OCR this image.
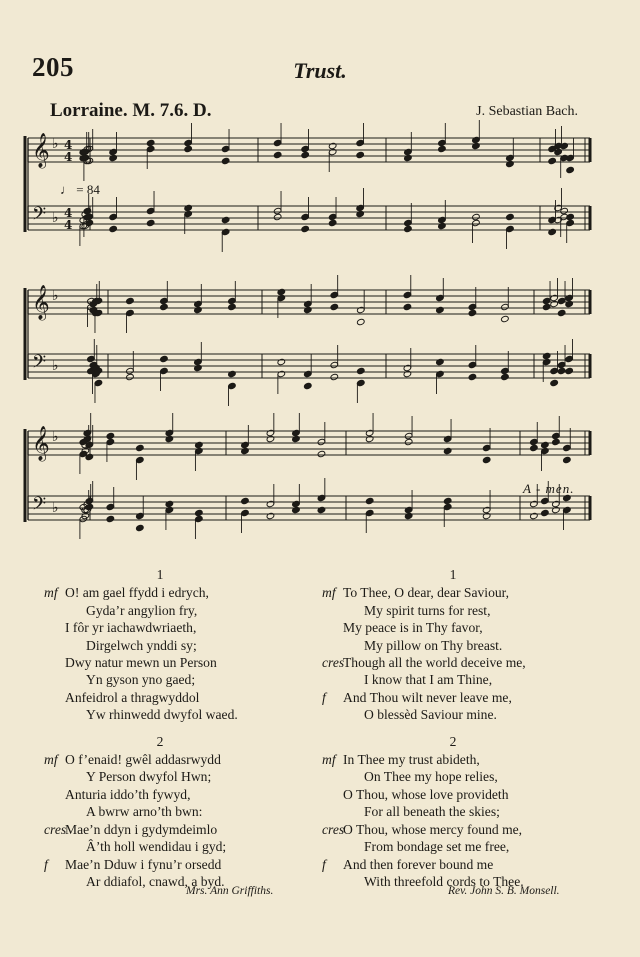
205	Trust.
Lorraine. M. 7.6. D.	J. Sebastian Bach.
𝄞 ♭ 4
4
𝄢 ♭ 4
4
𝄞 ♭
𝄢 ♭
𝄞 ♭
𝄢 ♭
♩ = 84
A - men.
1
mf O! am gael ffydd i edrych,
Gyda’r angylion fry,
I fôr yr iachawdwriaeth,
Dirgelwch ynddi sy;
Dwy natur mewn un Person
Yn gyson yno gaed;
Anfeidrol a thragwyddol
Yw rhinwedd dwyfol waed.
2
mf O f’enaid! gwêl addasrwydd
Y Person dwyfol Hwn;
Anturia iddo’th fywyd,
A bwrw arno’th bwn:
cres
Mae’n ddyn i gydymdeimlo
Â’th holl wendidau i gyd;
f Mae’n Dduw i fynu’r orsedd
Ar ddiafol, cnawd, a byd.
1
mf To Thee, O dear, dear Saviour,
My spirit turns for rest,
My peace is in Thy favor,
My pillow on Thy breast.
cres
Though all the world deceive me,
I know that I am Thine,
f And Thou wilt never leave me,
O blessèd Saviour mine.
2
mf In Thee my trust abideth,
On Thee my hope relies,
O Thou, whose love provideth
For all beneath the skies;
cres
O Thou, whose mercy found me,
From bondage set me free,
f And then forever bound me
With threefold cords to Thee.
Mrs. Ann Griffiths.	Rev. John S. B. Monsell.
